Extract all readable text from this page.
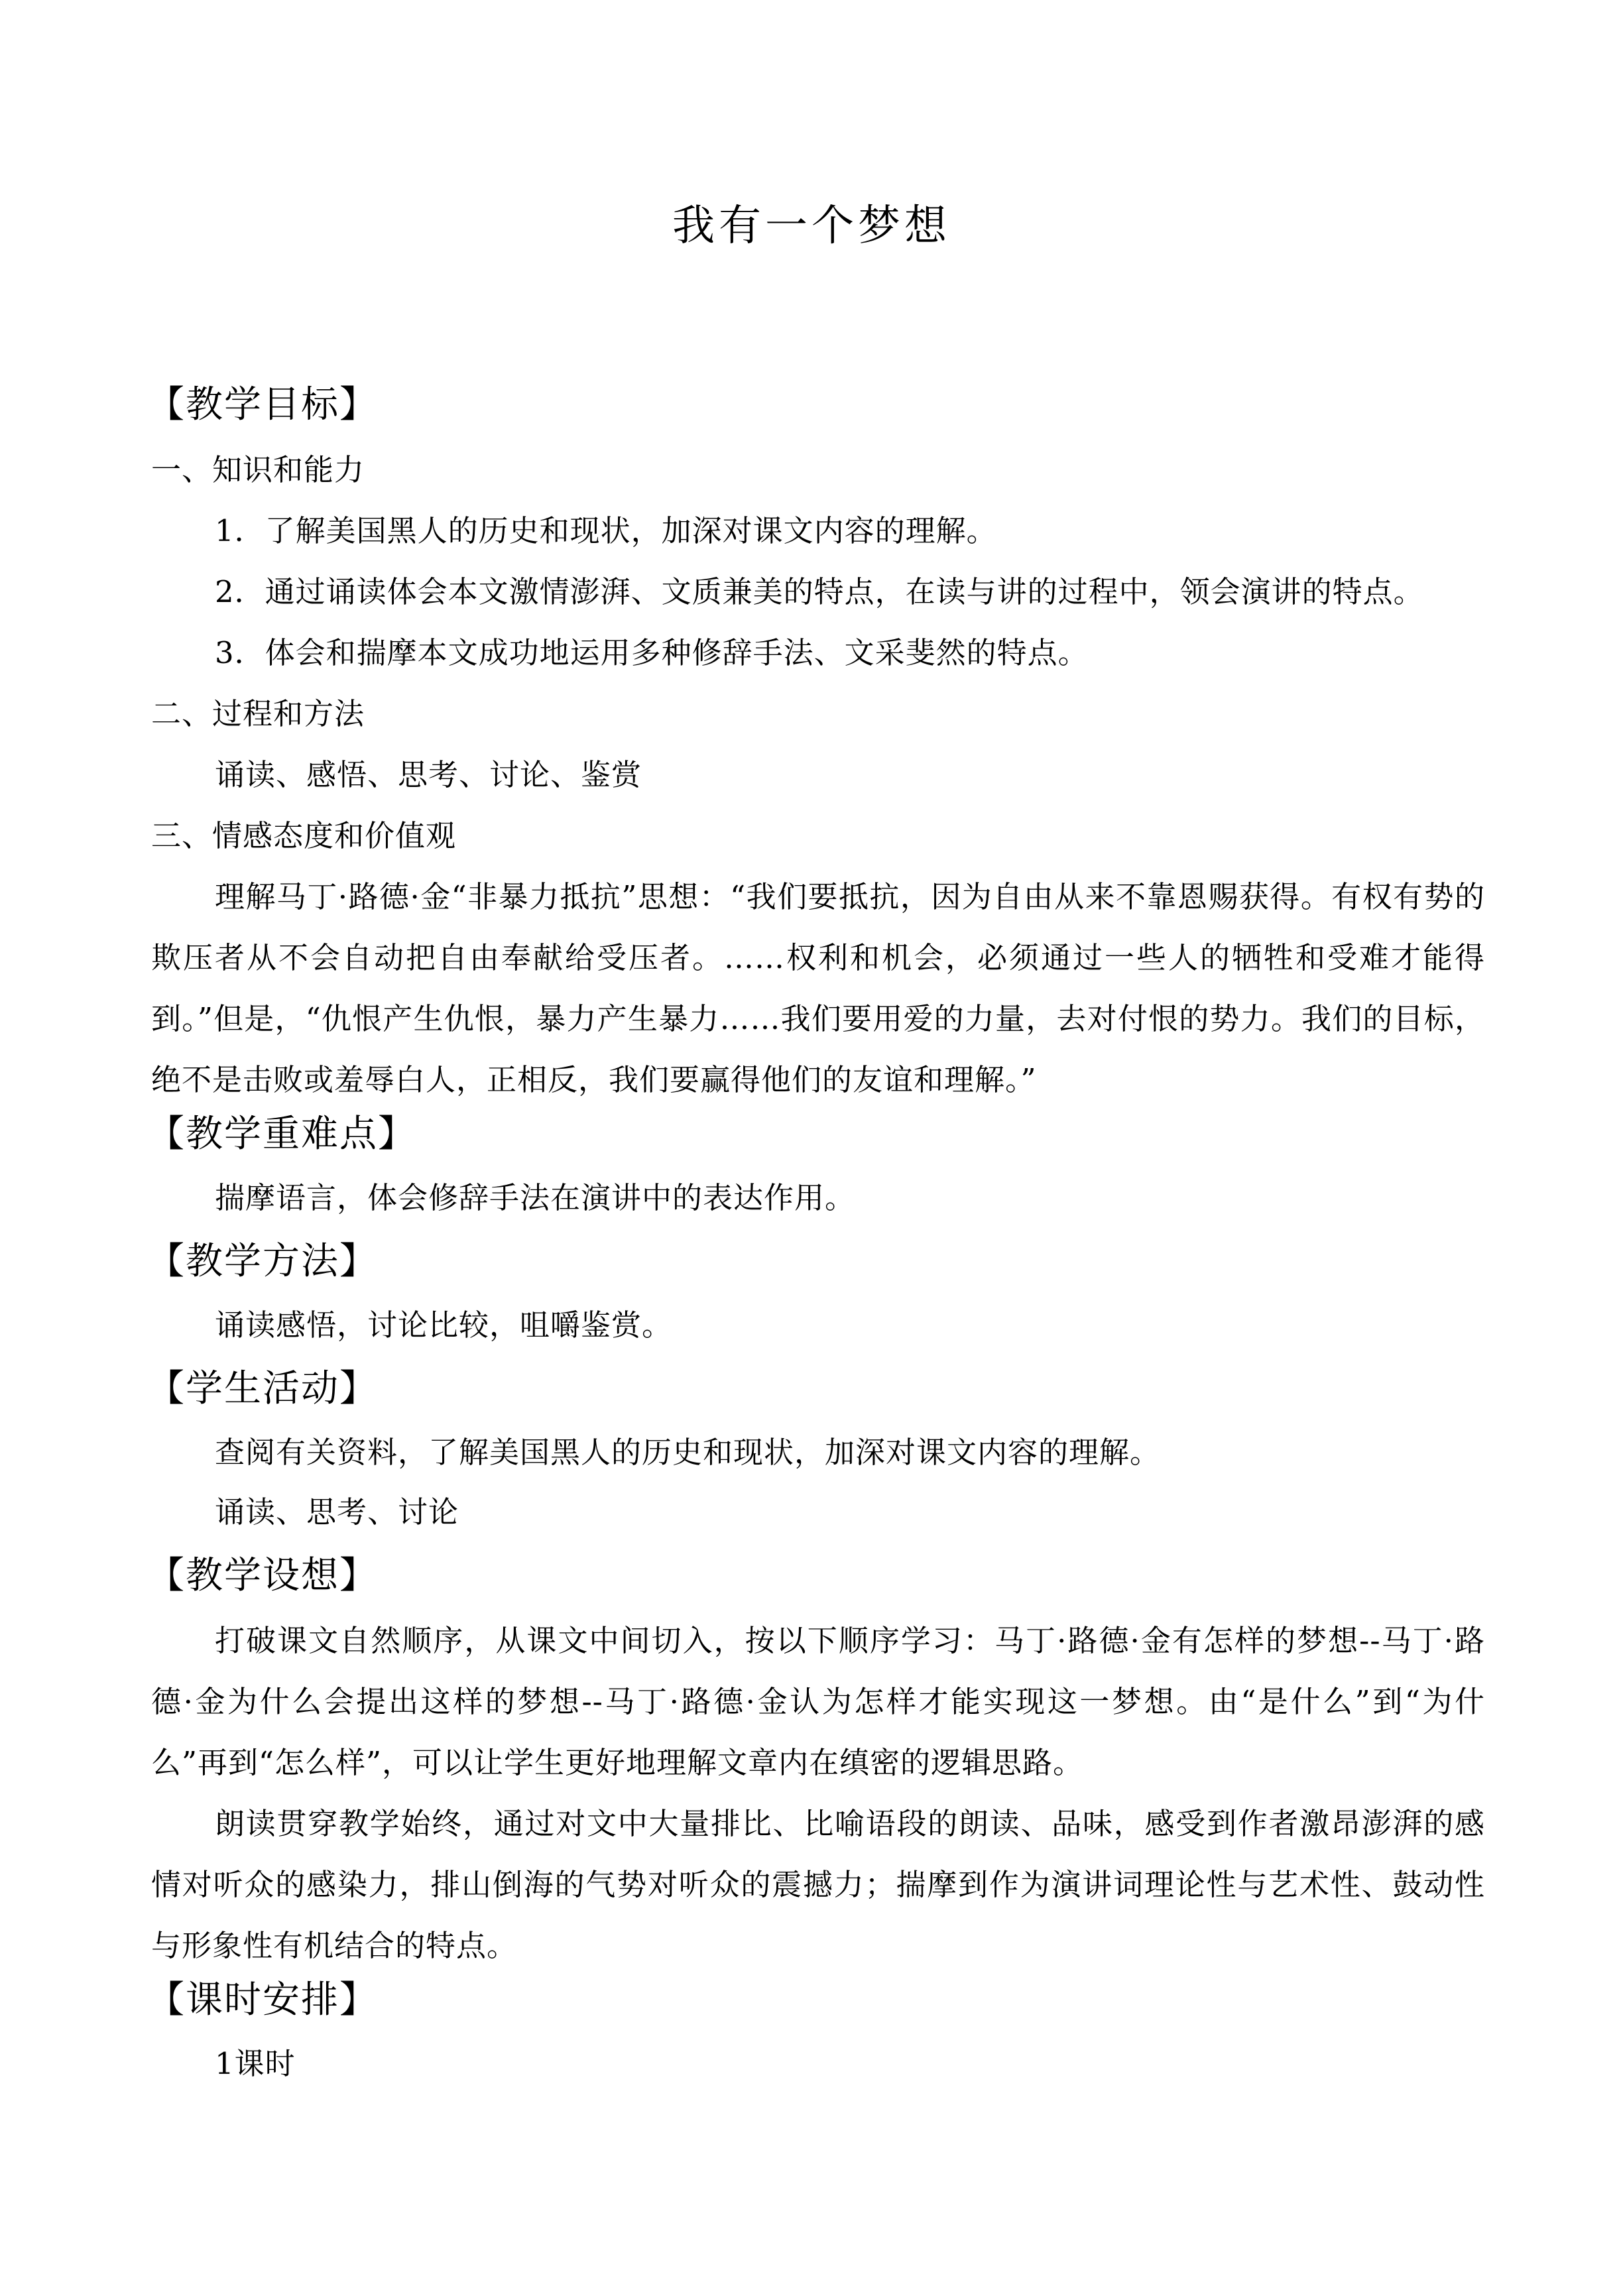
我有一个梦想
【教学目标】

一、知识和能力

1．了解美国黑人的历史和现状，加深对课文内容的理解。

2．通过诵读体会本文激情澎湃、文质兼美的特点，在读与讲的过程中，领会演讲的特点。

3．体会和揣摩本文成功地运用多种修辞手法、文采斐然的特点。

二、过程和方法

诵读、感悟、思考、讨论、鉴赏

三、情感态度和价值观

理解马丁·路德·金“非暴力抵抗”思想：“我们要抵抗，因为自由从来不靠恩赐获得。有权有势的欺压者从不会自动把自由奉献给受压者。……权利和机会，必须通过一些人的牺牲和受难才能得到。”但是，“仇恨产生仇恨，暴力产生暴力……我们要用爱的力量，去对付恨的势力。我们的目标，绝不是击败或羞辱白人，正相反，我们要赢得他们的友谊和理解。”

【教学重难点】

揣摩语言，体会修辞手法在演讲中的表达作用。

【教学方法】

诵读感悟，讨论比较，咀嚼鉴赏。

【学生活动】

查阅有关资料，了解美国黑人的历史和现状，加深对课文内容的理解。

诵读、思考、讨论

【教学设想】

打破课文自然顺序，从课文中间切入，按以下顺序学习：马丁·路德·金有怎样的梦想--马丁·路德·金为什么会提出这样的梦想--马丁·路德·金认为怎样才能实现这一梦想。由“是什么”到“为什么”再到“怎么样”，可以让学生更好地理解文章内在缜密的逻辑思路。

朗读贯穿教学始终，通过对文中大量排比、比喻语段的朗读、品味，感受到作者激昂澎湃的感情对听众的感染力，排山倒海的气势对听众的震撼力；揣摩到作为演讲词理论性与艺术性、鼓动性与形象性有机结合的特点。

【课时安排】

1课时
